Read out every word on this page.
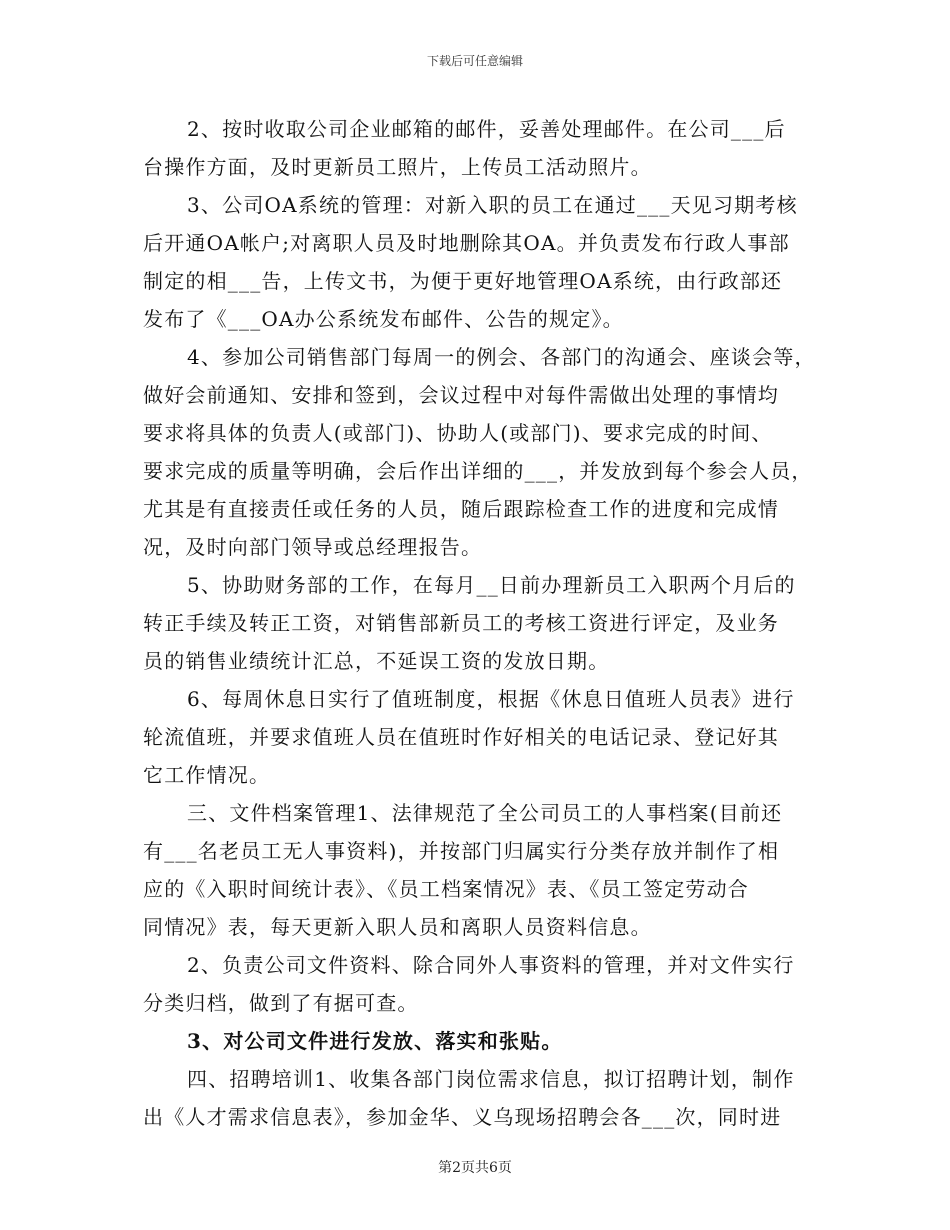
下载后可任意编辑

2、按时收取公司企业邮箱的邮件，妥善处理邮件。在公司___后
台操作方面，及时更新员工照片，上传员工活动照片。

3、公司OA系统的管理：对新入职的员工在通过___天见习期考核
后开通OA帐户;对离职人员及时地删除其OA。并负责发布行政人事部
制定的相___告，上传文书，为便于更好地管理OA系统，由行政部还
发布了《___OA办公系统发布邮件、公告的规定》。

4、参加公司销售部门每周一的例会、各部门的沟通会、座谈会等，
做好会前通知、安排和签到，会议过程中对每件需做出处理的事情均
要求将具体的负责人(或部门)、协助人(或部门)、要求完成的时间、
要求完成的质量等明确，会后作出详细的___，并发放到每个参会人员，
尤其是有直接责任或任务的人员，随后跟踪检查工作的进度和完成情
况，及时向部门领导或总经理报告。

5、协助财务部的工作，在每月__日前办理新员工入职两个月后的
转正手续及转正工资，对销售部新员工的考核工资进行评定，及业务
员的销售业绩统计汇总，不延误工资的发放日期。

6、每周休息日实行了值班制度，根据《休息日值班人员表》进行
轮流值班，并要求值班人员在值班时作好相关的电话记录、登记好其
它工作情况。

三、文件档案管理1、法律规范了全公司员工的人事档案(目前还
有___名老员工无人事资料)，并按部门归属实行分类存放并制作了相
应的《入职时间统计表》、《员工档案情况》表、《员工签定劳动合
同情况》表，每天更新入职人员和离职人员资料信息。

2、负责公司文件资料、除合同外人事资料的管理，并对文件实行
分类归档，做到了有据可查。

3、对公司文件进行发放、落实和张贴。

四、招聘培训1、收集各部门岗位需求信息，拟订招聘计划，制作
出《人才需求信息表》，参加金华、义乌现场招聘会各___次，同时进

第2页共6页
